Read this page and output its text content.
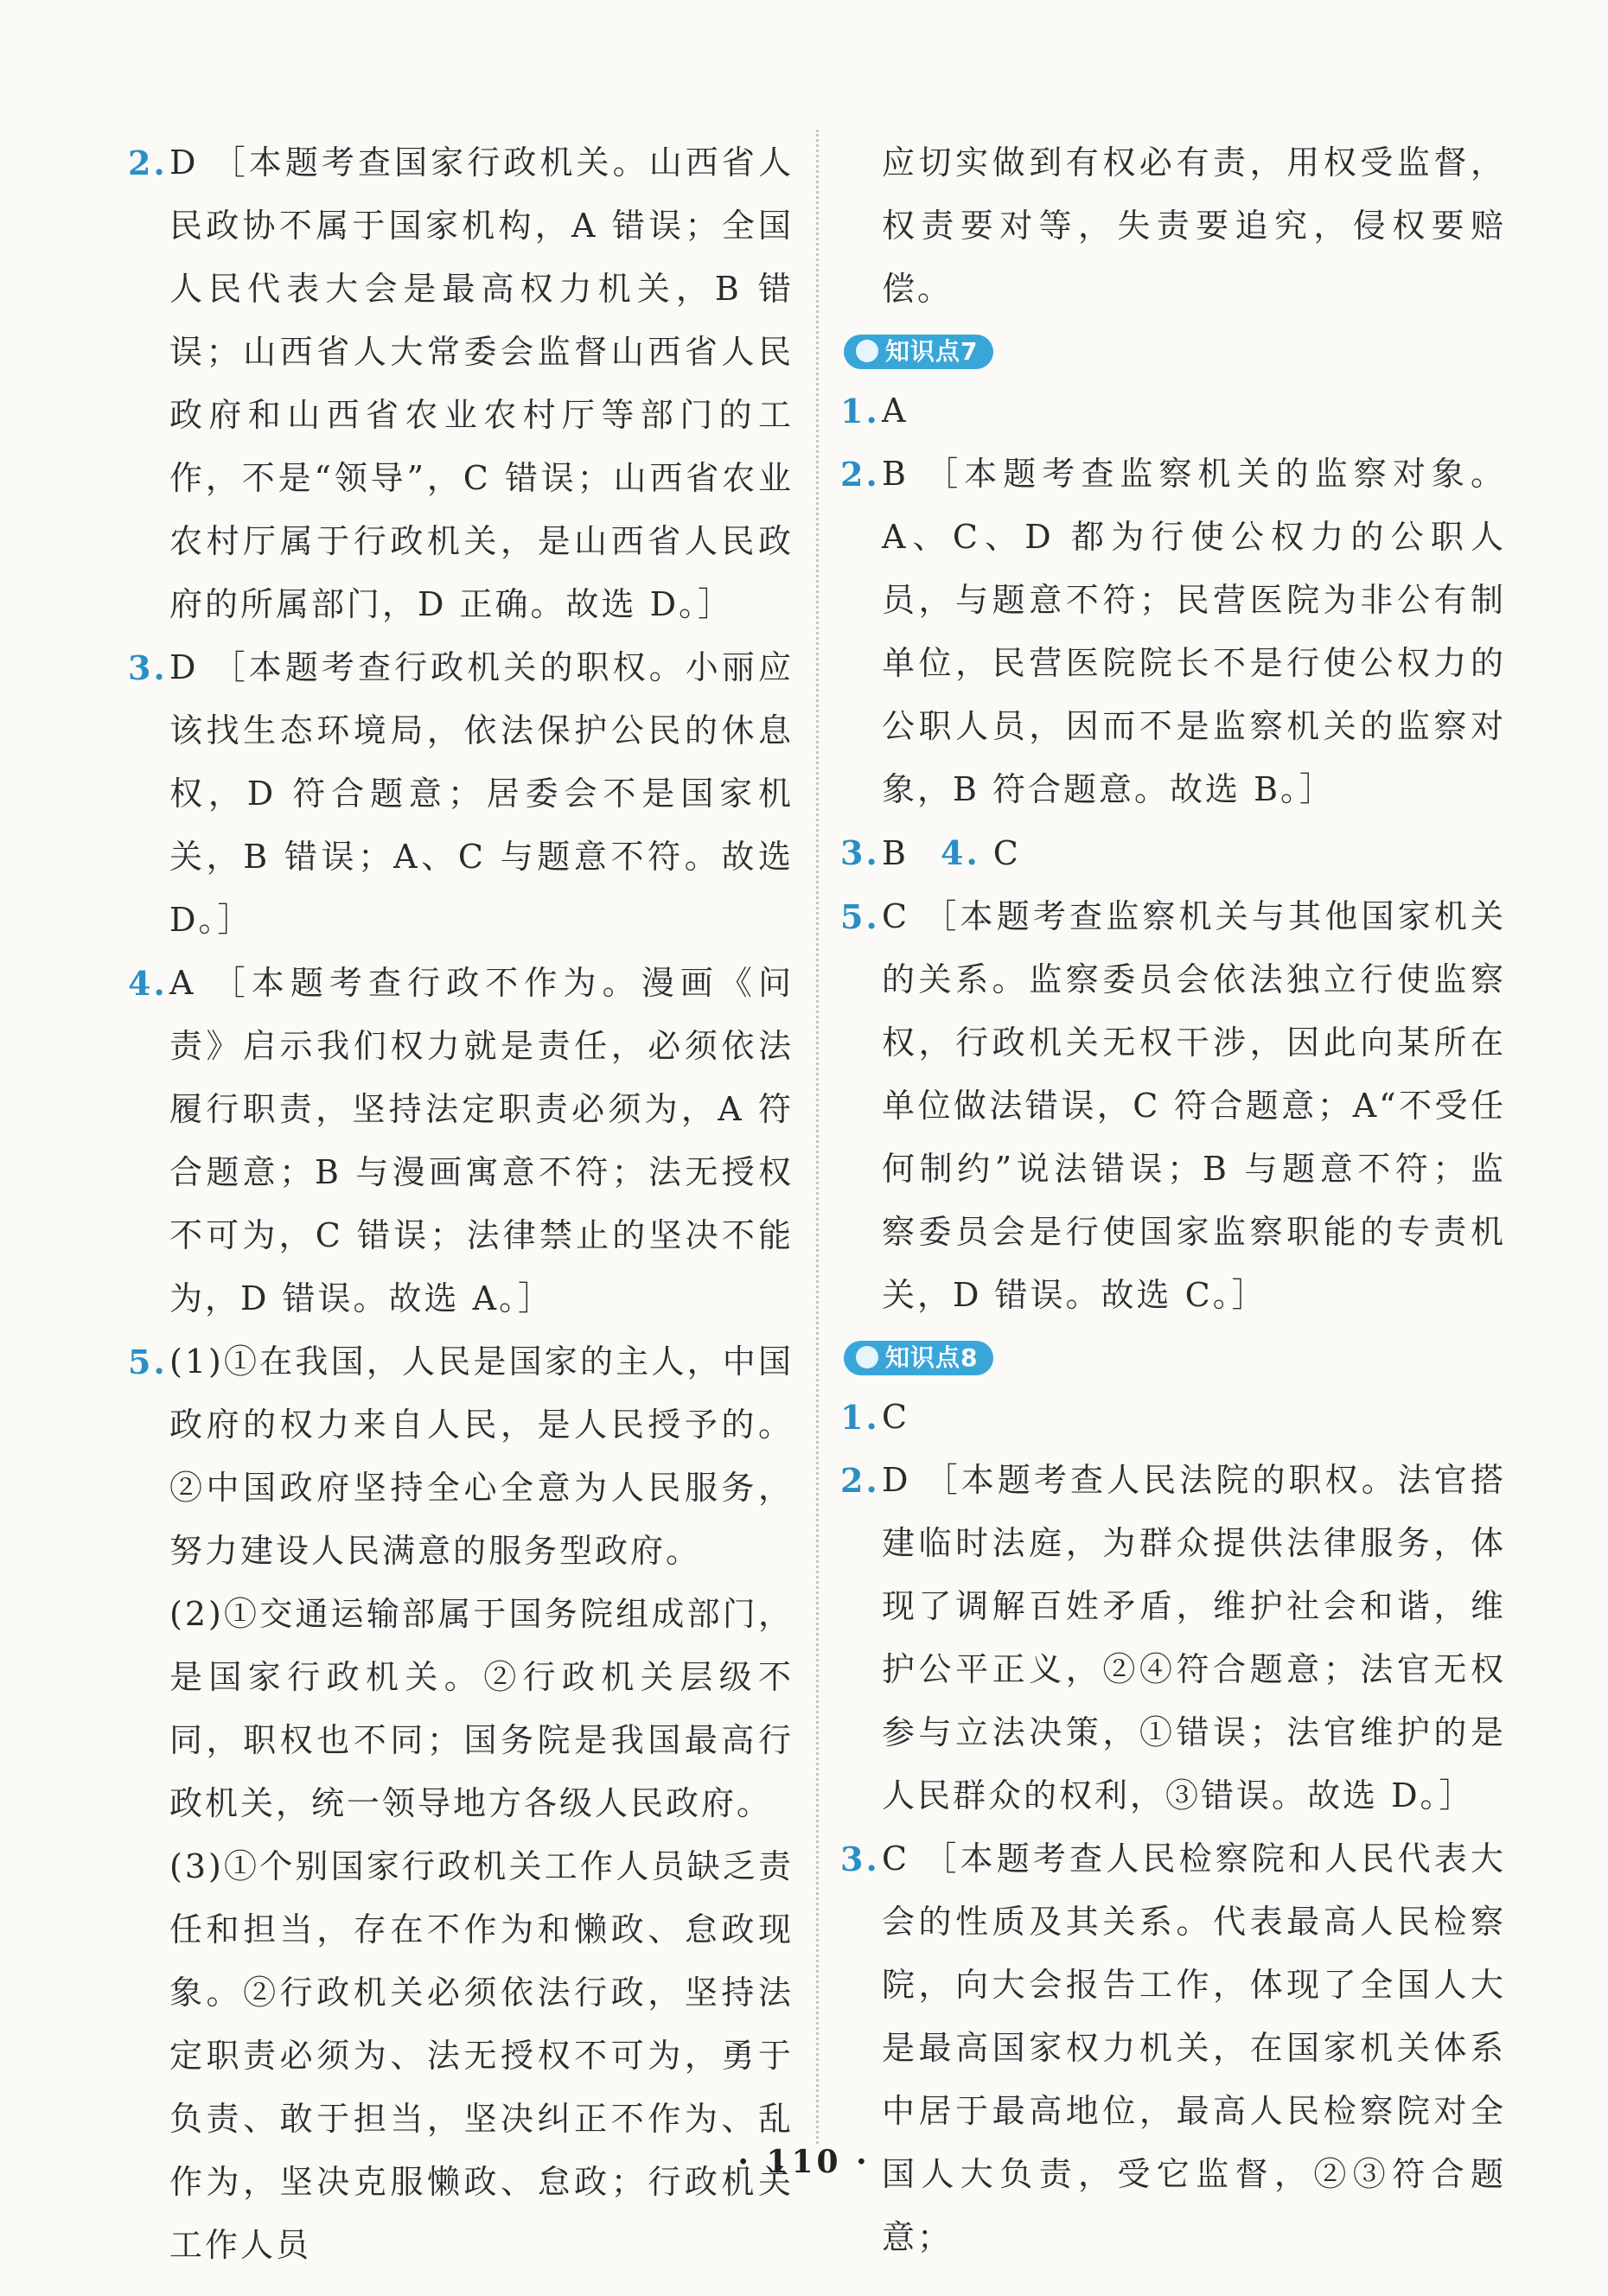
2. D ［本题考查国家行政机关。山西省人民政协不属于国家机构，A 错误；全国人民代表大会是最高权力机关，B 错误；山西省人大常委会监督山西省人民政府和山西省农业农村厅等部门的工作，不是“领导”，C 错误；山西省农业农村厅属于行政机关，是山西省人民政府的所属部门，D 正确。故选 D。］

3. D ［本题考查行政机关的职权。小丽应该找生态环境局，依法保护公民的休息权，D 符合题意；居委会不是国家机关，B 错误；A、C 与题意不符。故选 D。］

4. A ［本题考查行政不作为。漫画《问责》启示我们权力就是责任，必须依法履行职责，坚持法定职责必须为，A 符合题意；B 与漫画寓意不符；法无授权不可为，C 错误；法律禁止的坚决不能为，D 错误。故选 A。］

5. (1)①在我国，人民是国家的主人，中国政府的权力来自人民，是人民授予的。②中国政府坚持全心全意为人民服务，努力建设人民满意的服务型政府。

(2)①交通运输部属于国务院组成部门，是国家行政机关。②行政机关层级不同，职权也不同；国务院是我国最高行政机关，统一领导地方各级人民政府。

(3)①个别国家行政机关工作人员缺乏责任和担当，存在不作为和懒政、怠政现象。②行政机关必须依法行政，坚持法定职责必须为、法无授权不可为，勇于负责、敢于担当，坚决纠正不作为、乱作为，坚决克服懒政、怠政；行政机关工作人员

应切实做到有权必有责，用权受监督，权责要对等，失责要追究，侵权要赔偿。

知识点7

1. A

2. B ［本题考查监察机关的监察对象。A、C、D 都为行使公权力的公职人员，与题意不符；民营医院为非公有制单位，民营医院院长不是行使公权力的公职人员，因而不是监察机关的监察对象，B 符合题意。故选 B。］

3. B 4. C

5. C ［本题考查监察机关与其他国家机关的关系。监察委员会依法独立行使监察权，行政机关无权干涉，因此向某所在单位做法错误，C 符合题意；A“不受任何制约”说法错误；B 与题意不符；监察委员会是行使国家监察职能的专责机关，D 错误。故选 C。］

知识点8

1. C

2. D ［本题考查人民法院的职权。法官搭建临时法庭，为群众提供法律服务，体现了调解百姓矛盾，维护社会和谐，维护公平正义，②④符合题意；法官无权参与立法决策，①错误；法官维护的是人民群众的权利，③错误。故选 D。］

3. C ［本题考查人民检察院和人民代表大会的性质及其关系。代表最高人民检察院，向大会报告工作，体现了全国人大是最高国家权力机关，在国家机关体系中居于最高地位，最高人民检察院对全国人大负责，受它监督，②③符合题意；

· 110 ·
